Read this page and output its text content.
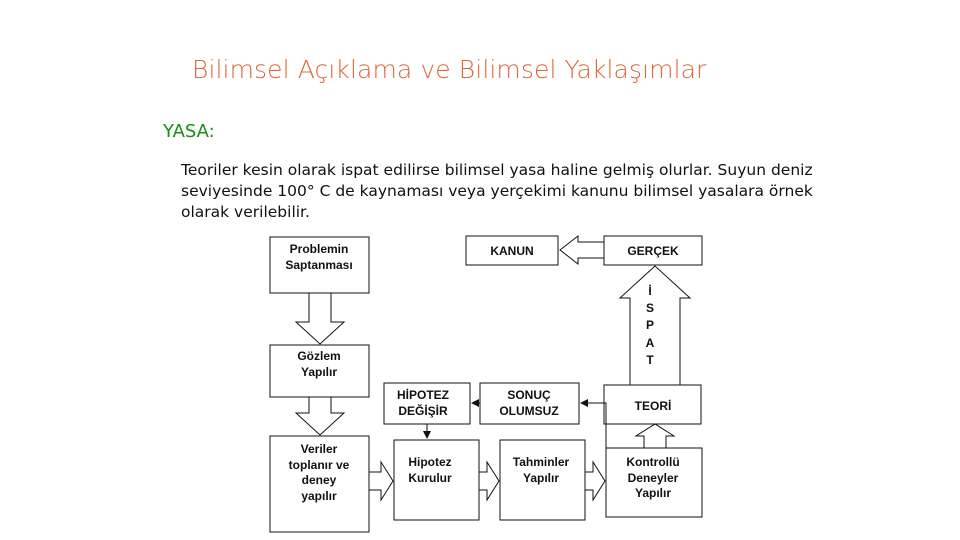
Bilimsel Açıklama ve Bilimsel Yaklaşımlar
YASA:
Teoriler kesin olarak ispat edilirse bilimsel yasa haline gelmiş olurlar. Suyun deniz seviyesinde 100° C de kaynaması veya yerçekimi kanunu bilimsel yasalara örnek olarak verilebilir.
Problemin
Saptanması
Gözlem
Yapılır
Veriler
toplanır ve
deney
yapılır
Hipotez
Kurulur
Tahminler
Yapılır
Kontrollü
Deneyler
Yapılır
HİPOTEZ
DEĞİŞİR
SONUÇ
OLUMSUZ	TEORİ
KANUN	GERÇEK
İ
S
P
A
T
